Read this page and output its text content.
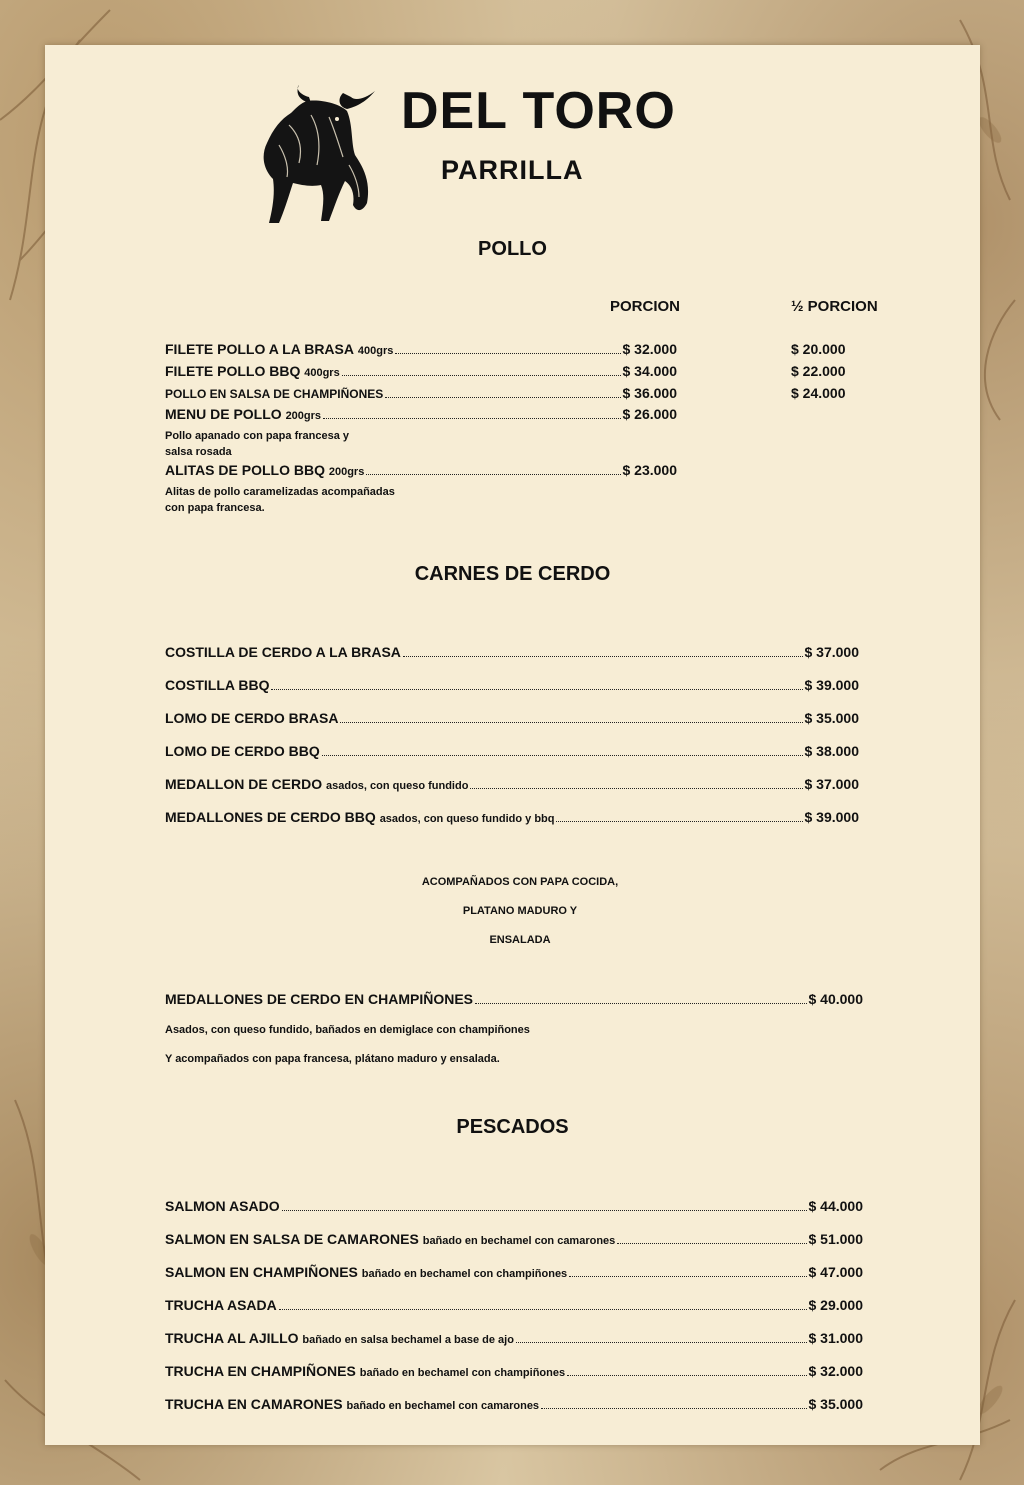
DEL TORO
PARRILLA
POLLO
PORCION	½ PORCION
FILETE POLLO A LA BRASA
400grs	$ 32.000	$ 20.000
FILETE POLLO BBQ
400grs	$ 34.000	$ 22.000
POLLO EN SALSA DE CHAMPIÑONES	$ 36.000	$ 24.000
MENU DE POLLO
200grs	$ 26.000
Pollo apanado con papa francesa y
salsa rosada
ALITAS DE POLLO BBQ
200grs	$ 23.000
Alitas de pollo caramelizadas acompañadas
con papa francesa.
CARNES DE CERDO
COSTILLA DE CERDO A LA BRASA	$ 37.000
COSTILLA BBQ	$ 39.000
LOMO DE CERDO BRASA	$ 35.000
LOMO DE CERDO BBQ	$ 38.000
MEDALLON DE CERDO
asados, con queso fundido	$ 37.000
MEDALLONES DE CERDO BBQ
asados, con queso fundido y bbq	$ 39.000
ACOMPAÑADOS CON PAPA COCIDA,
PLATANO MADURO Y
ENSALADA
MEDALLONES DE CERDO EN CHAMPIÑONES	$ 40.000
Asados, con queso fundido, bañados en demiglace con champiñones
Y acompañados con papa francesa, plátano maduro y ensalada.
PESCADOS
SALMON ASADO	$ 44.000
SALMON EN SALSA DE CAMARONES
bañado en bechamel con camarones	$ 51.000
SALMON EN CHAMPIÑONES
bañado en bechamel con champiñones	$ 47.000
TRUCHA ASADA	$ 29.000
TRUCHA AL AJILLO
bañado en salsa bechamel a base de ajo	$ 31.000
TRUCHA EN CHAMPIÑONES
bañado en bechamel con champiñones	$ 32.000
TRUCHA EN CAMARONES
bañado en bechamel con camarones	$ 35.000
